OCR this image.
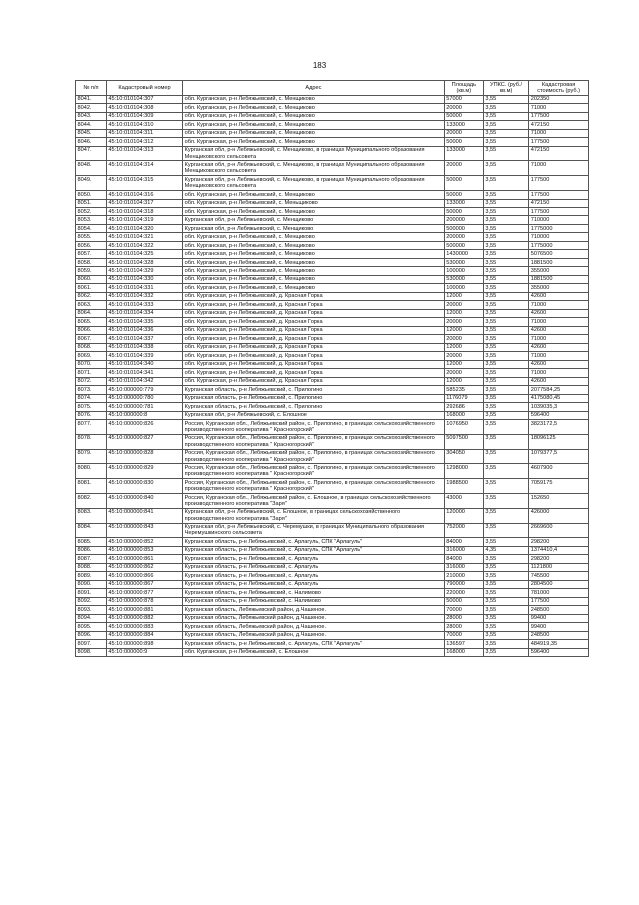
183
№ п/п	Кадастровый номер	Адрес	Площадь (кв.м)	УПКС. (руб./кв.м)	Кадастровая стоимость (руб.)
8041.	45:10:010104:307	обл. Курганская, р-н Лебяжьевский, с. Менщиково	57000	3,55	202350
8042.	45:10:010104:308	обл. Курганская, р-н Лебяжьевский, с. Менщиково	20000	3,55	71000
8043.	45:10:010104:309	обл. Курганская, р-н Лебяжьевский, с. Менщиково	50000	3,55	177500
8044.	45:10:010104:310	обл. Курганская, р-н Лебяжьевский, с. Менщиково	133000	3,55	472150
8045.	45:10:010104:311	обл. Курганская, р-н Лебяжьевский, с. Менщиково	20000	3,55	71000
8046.	45:10:010104:312	обл. Курганская, р-н Лебяжьевский, с. Менщиково	50000	3,55	177500
8047.	45:10:010104:313	Курганская обл, р-н Лебяжьевский, с. Менщиково, в границах Муниципального образования Менщиковского сельсовета	133000	3,55	472150
8048.	45:10:010104:314	Курганская обл, р-н Лебяжьевский, с. Менщиково, в границах Муниципального образования Менщиковского сельсовета	20000	3,55	71000
8049.	45:10:010104:315	Курганская обл, р-н Лебяжьевский, с. Менщиково, в границах Муниципального образования Менщиковского сельсовета	50000	3,55	177500
8050.	45:10:010104:316	обл. Курганская, р-н Лебяжьевский, с. Менщиково	50000	3,55	177500
8051.	45:10:010104:317	обл. Курганская, р-н Лебяжьевский, с. Меньщиково	133000	3,55	472150
8052.	45:10:010104:318	обл. Курганская, р-н Лебяжьевский, с. Менщиково	50000	3,55	177500
8053.	45:10:010104:319	Курганская обл, р-н Лебяжьевский, с. Менщиково	200000	3,55	710000
8054.	45:10:010104:320	Курганская обл, р-н Лебяжьевский, с. Менщиково	500000	3,55	1775000
8055.	45:10:010104:321	обл. Курганская, р-н Лебяжьевский, с. Менщиково	200000	3,55	710000
8056.	45:10:010104:322	обл. Курганская, р-н Лебяжьевский, с. Менщиково	500000	3,55	1775000
8057.	45:10:010104:325	обл. Курганская, р-н Лебяжьевский, с. Менщиково	1430000	3,55	5076500
8058.	45:10:010104:328	обл. Курганская, р-н Лебяжьевский, с. Менщиково	530000	3,55	1881500
8059.	45:10:010104:329	обл. Курганская, р-н Лебяжьевский, с. Менщиково	100000	3,55	355000
8060.	45:10:010104:330	обл. Курганская, р-н Лебяжьевский, с. Менщиково	530000	3,55	1881500
8061.	45:10:010104:331	обл. Курганская, р-н Лебяжьевский, с. Менщиково	100000	3,55	355000
8062.	45:10:010104:332	обл. Курганская, р-н Лебяжьевский, д. Красная Горка	12000	3,55	42600
8063.	45:10:010104:333	обл. Курганская, р-н Лебяжьевский, д. Красная Горка	20000	3,55	71000
8064.	45:10:010104:334	обл. Курганская, р-н Лебяжьевский, д. Красная Горка	12000	3,55	42600
8065.	45:10:010104:335	обл. Курганская, р-н Лебяжьевский, д. Красная Горка	20000	3,55	71000
8066.	45:10:010104:336	обл. Курганская, р-н Лебяжьевский, д. Красная Горка	12000	3,55	42600
8067.	45:10:010104:337	обл. Курганская, р-н Лебяжьевский, д. Красная Горка	20000	3,55	71000
8068.	45:10:010104:338	обл. Курганская, р-н Лебяжьевский, д. Красная Горка	12000	3,55	42600
8069.	45:10:010104:339	обл. Курганская, р-н Лебяжьевский, д. Красная Горка	20000	3,55	71000
8070.	45:10:010104:340	обл. Курганская, р-н Лебяжьевский, д. Красная Горка	12000	3,55	42600
8071.	45:10:010104:341	обл. Курганская, р-н Лебяжьевский, д. Красная Горка	20000	3,55	71000
8072.	45:10:010104:342	обл. Курганская, р-н Лебяжьевский, д. Красная Горка	12000	3,55	42600
8073.	45:10:000000:779	Курганская область, р-н Лебяжьевский, с. Прилогино	585235	3,55	2077584,25
8074.	45:10:000000:780	Курганская область, р-н Лебяжьевский, с. Прилогино	1176079	3,55	4175080,45
8075.	45:10:000000:781	Курганская область, р-н Лебяжьевский, с. Прилогино	292686	3,55	1039035,3
8076.	45:10:000000:8	Курганская обл, р-н Лебяжьевский, с. Елошное	168000	3,55	596400
8077.	45:10:000000:826	Россия, Курганская обл., Лебяжьевский район, с. Прилогино, в границах сельскохозяйственного производственного кооператива " Красногорский"	1076950	3,55	3823172,5
8078.	45:10:000000:827	Россия, Курганская обл., Лебяжьевский район, с. Прилогино, в границах сельскохозяйственного производственного кооператива " Красногорский"	5097500	3,55	18096125
8079.	45:10:000000:828	Россия, Курганская обл., Лебяжьевский район, с. Прилогино, в границах сельскохозяйственного производственного кооператива " Красногорский"	304050	3,55	1079377,5
8080.	45:10:000000:829	Россия, Курганская обл., Лебяжьевский район, с. Прилогино, в границах сельскохозяйственного производственного кооператива " Красногорский"	1298000	3,55	4607900
8081.	45:10:000000:830	Россия, Курганская обл., Лебяжьевский район, с. Прилогино, в границах сельскохозяйственного производственного кооператива " Красногорский"	1988500	3,55	7059175
8082.	45:10:000000:840	Россия, Курганская обл., Лебяжьевский район, с. Елошное, в границах сельскохозяйственного производственного кооператива "Заря"	43000	3,55	152650
8083.	45:10:000000:841	Курганская обл, р-н Лебяжьевский, с. Елошное, в границах сельскохозяйственного производственного кооператива "Заря"	120000	3,55	426000
8084.	45:10:000000:843	Курганская обл, р-н Лебяжьевский, с. Черемушки, в границах Муниципального образования Черемушкинского сельсовета	752000	3,55	2669600
8085.	45:10:000000:852	Курганская область, р-н Лебяжьевский, с. Арлагуль, СПК "Арлагуль"	84000	3,55	298200
8086.	45:10:000000:853	Курганская область, р-н Лебяжьевский, с. Арлагуль, СПК "Арлагуль"	316000	4,35	1374410,4
8087.	45:10:000000:861	Курганская область, р-н Лебяжьевский, с. Арлагуль	84000	3,55	298200
8088.	45:10:000000:862	Курганская область, р-н Лебяжьевский, с. Арлагуль	316000	3,55	1121800
8089.	45:10:000000:866	Курганская область, р-н Лебяжьевский, с. Арлагуль	210000	3,55	745500
8090.	45:10:000000:867	Курганская область, р-н Лебяжьевский, с. Арлагуль	790000	3,55	2804500
8091.	45:10:000000:877	Курганская область, р-н Лебяжьевский, с. Налимово	220000	3,55	781000
8092.	45:10:000000:878	Курганская область, р-н Лебяжьевский, с. Налимово	50000	3,55	177500
8093.	45:10:000000:881	Курганская область, Лебяжьевский район, д.Чашеное.	70000	3,55	248500
8094.	45:10:000000:882	Курганская область, Лебяжьевский район, д.Чашеное.	28000	3,55	99400
8095.	45:10:000000:883	Курганская область, Лебяжьевский район, д.Чашеное.	28000	3,55	99400
8096.	45:10:000000:884	Курганская область, Лебяжьевский район, д.Чашеное.	70000	3,55	248500
8097.	45:10:000000:898	Курганская область, р-н Лебяжьевский, с. Арлагуль, СПК "Арлагуль"	136597	3,55	484919,35
8098.	45:10:000000:9	обл. Курганская, р-н Лебяжьевский, с. Елошное	168000	3,55	596400
